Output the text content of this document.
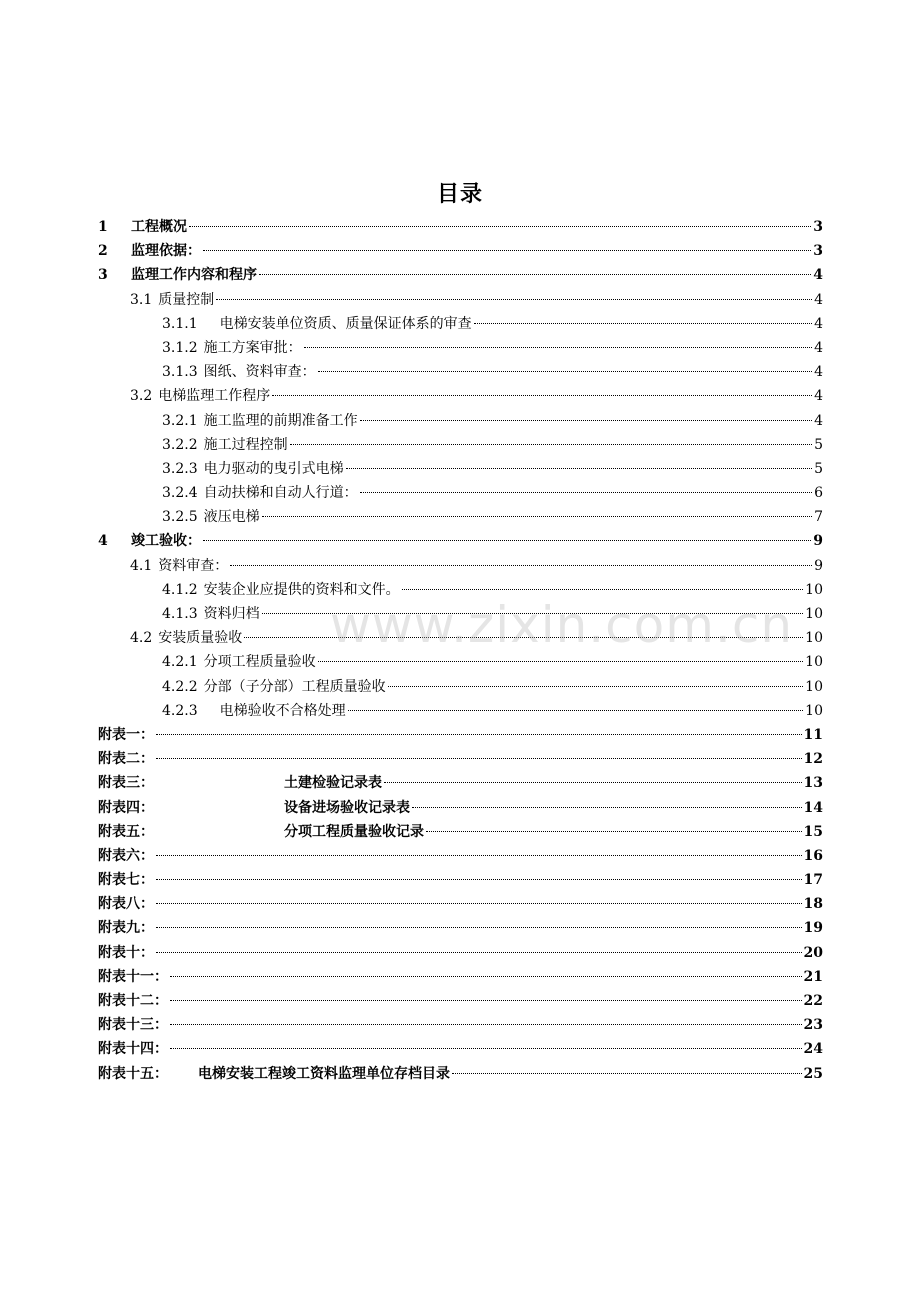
目录
1	工程概况	3
2	监理依据：	3
3	监理工作内容和程序	4
3.1 质量控制	4
3.1.1 电梯安装单位资质、质量保证体系的审查	4
3.1.2 施工方案审批：	4
3.1.3 图纸、资料审查：	4
3.2 电梯监理工作程序	4
3.2.1 施工监理的前期准备工作	4
3.2.2 施工过程控制	5
3.2.3 电力驱动的曳引式电梯	5
3.2.4 自动扶梯和自动人行道：	6
3.2.5 液压电梯	7
4	竣工验收：	9
4.1 资料审查：	9
4.1.2 安装企业应提供的资料和文件。	10
4.1.3 资料归档	10
4.2 安装质量验收	10
4.2.1 分项工程质量验收	10
4.2.2 分部（子分部）工程质量验收	10
4.2.3 电梯验收不合格处理	10
附表一：	11
附表二：	12
附表三：	土建检验记录表	13
附表四：	设备进场验收记录表	14
附表五：	分项工程质量验收记录	15
附表六：	16
附表七：	17
附表八：	18
附表九：	19
附表十：	20
附表十一：	21
附表十二：	22
附表十三：	23
附表十四：	24
附表十五： 电梯安装工程竣工资料监理单位存档目录	25
www.zixin.com.cn
